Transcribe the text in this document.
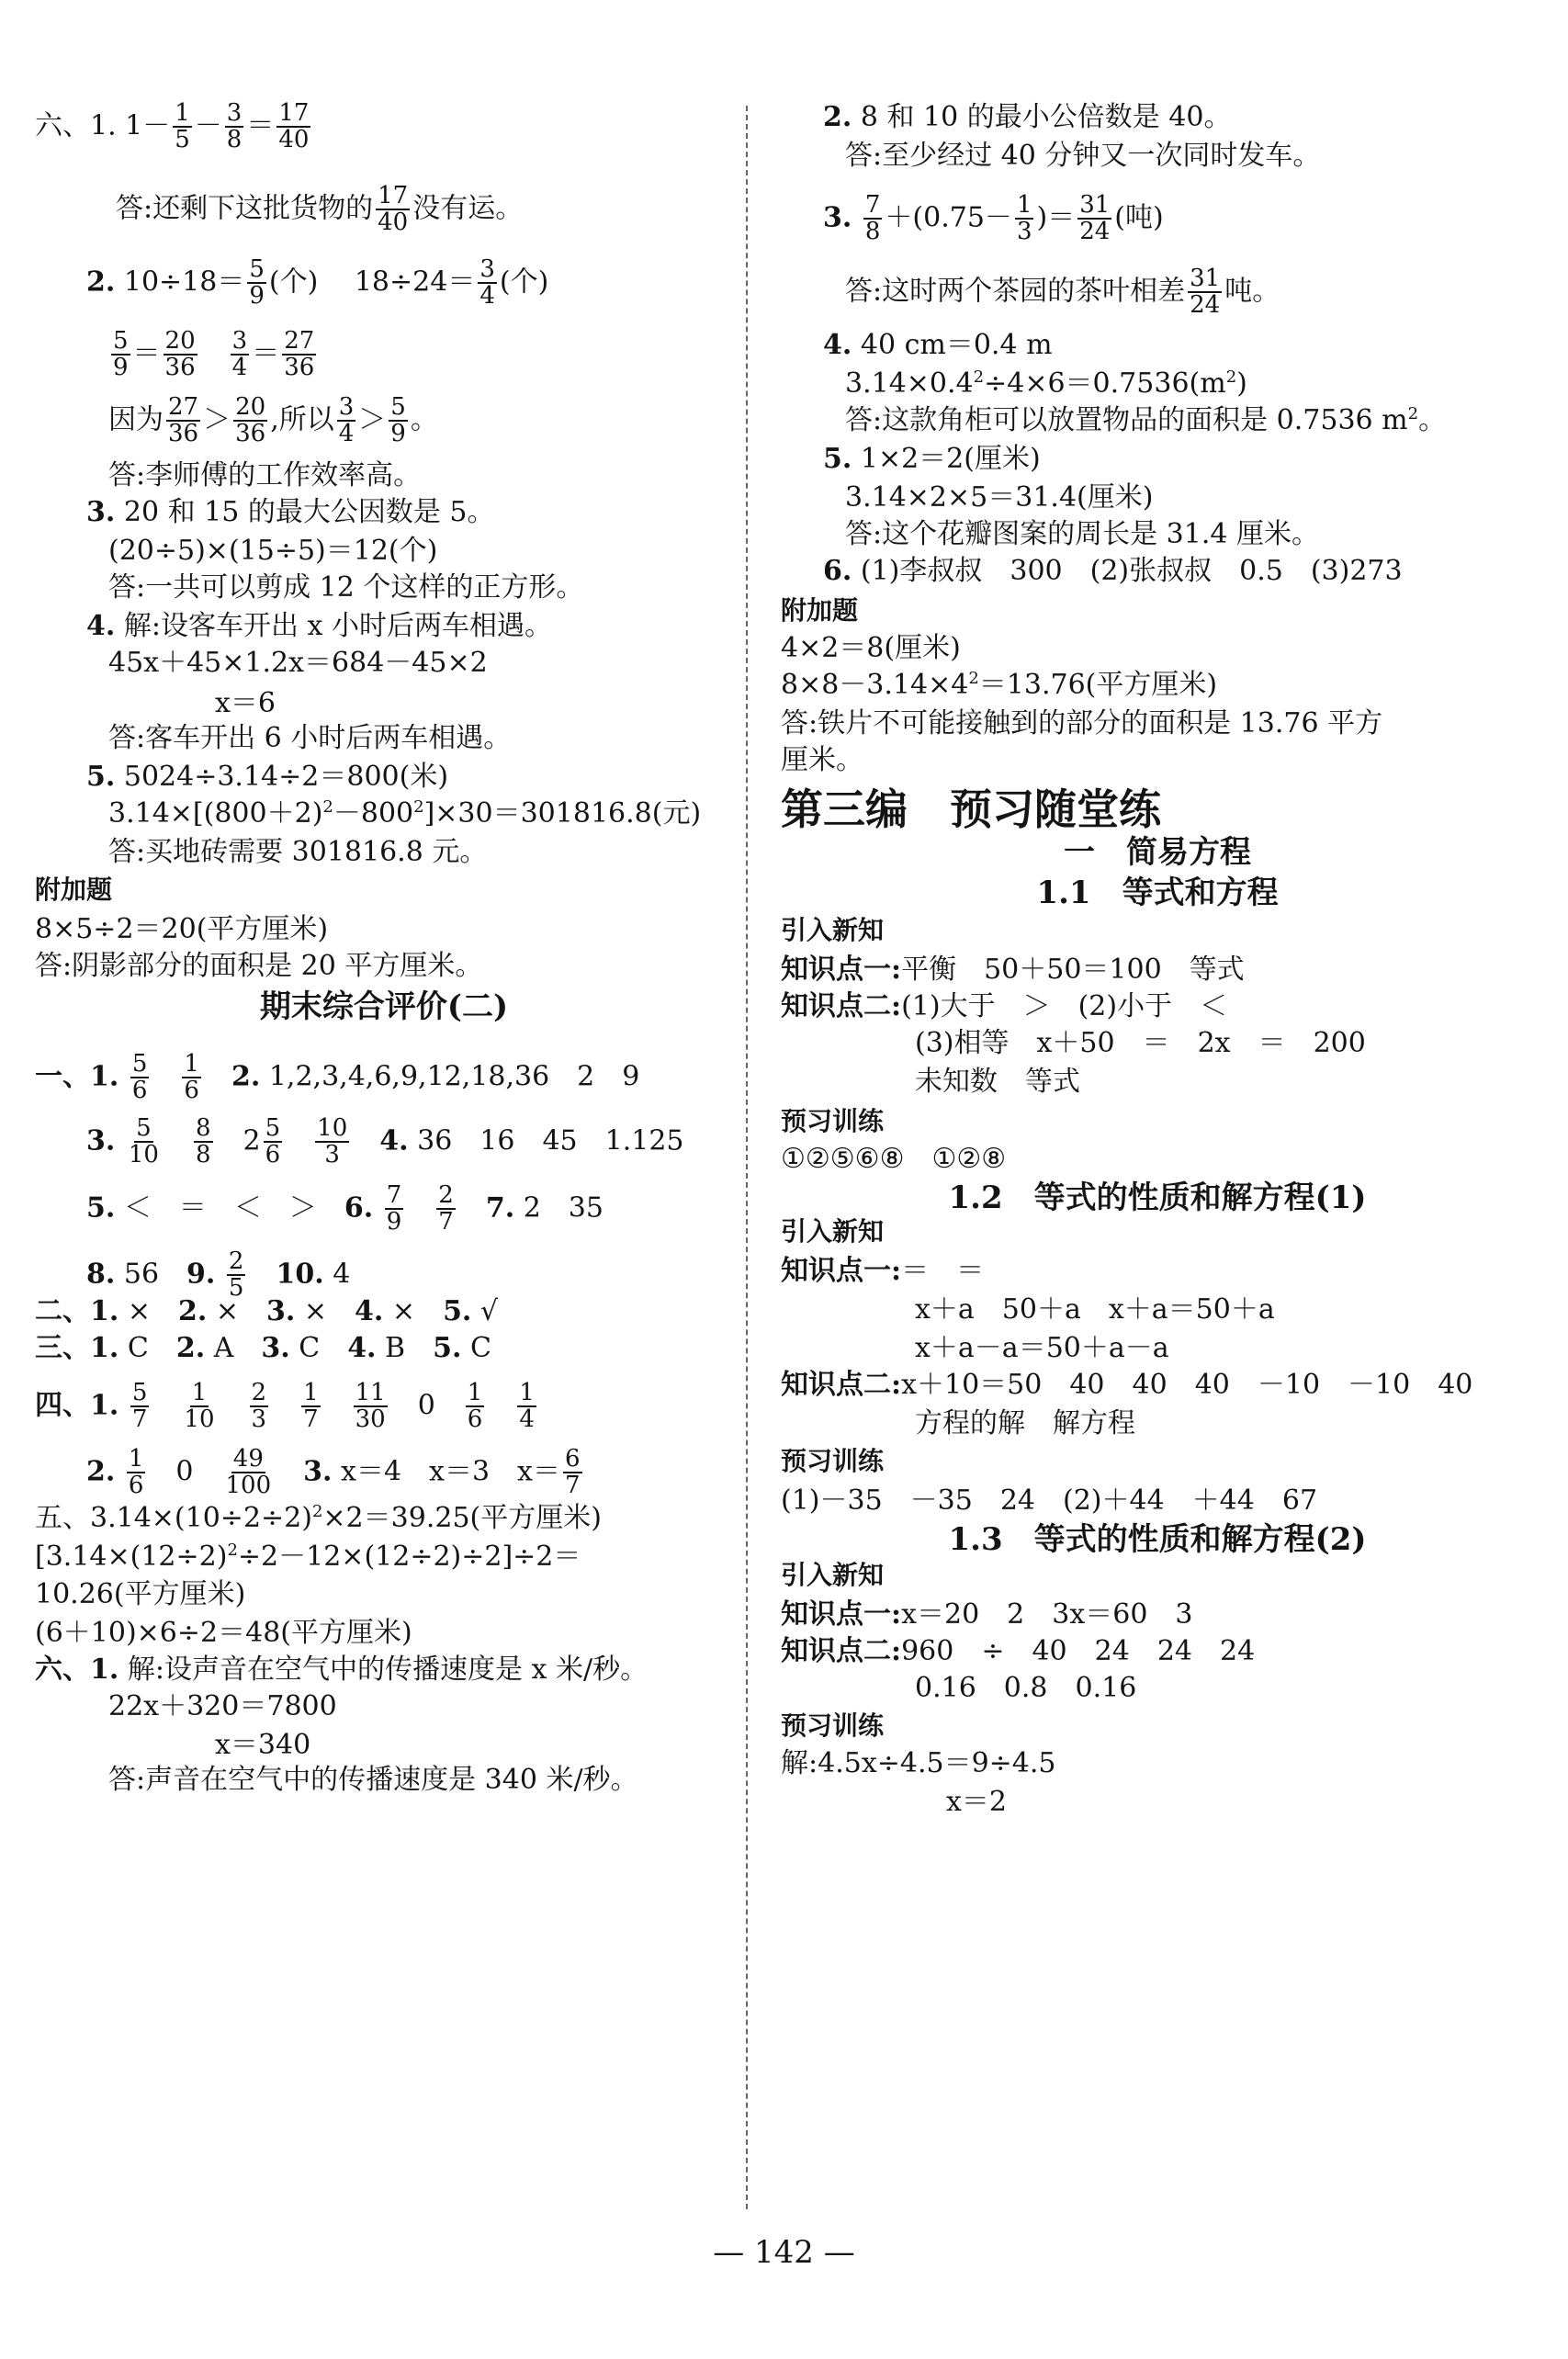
六、1. $1- \frac{1}{5} - \frac{3}{8} = \frac{17}{40}$
答:还剩下这批货物的 $\frac{17}{40}$ 没有运。
2. $10\div 18= \frac{5}{9}$ (个)　 $18\div 24= \frac{3}{4}$ (个)
$\frac{5}{9} = \frac{20}{36}$
　 $\frac{3}{4} = \frac{27}{36}$
因为 $\frac{27}{36} > \frac{20}{36}$ ,所以 $\frac{3}{4} > \frac{5}{9}$ 。
答:李师傅的工作效率高。
3. 20 和 15 的最大公因数是 5。
(20÷5)×(15÷5)＝12(个)
答:一共可以剪成 12 个这样的正方形。
4. 解:设客车开出 x 小时后两车相遇。
45x＋45×1.2x＝684－45×2
x＝6
答:客车开出 6 小时后两车相遇。
5. 5024÷3.14÷2＝800(米)
$3.14\times[(800+2)^2-800^2]\times 30=301816.8$(元)
答:买地砖需要 301816.8 元。
附加题
8×5÷2＝20(平方厘米)
答:阴影部分的面积是 20 平方厘米。
期末综合评价(二)
一、1. $\frac{5}{6}$
　 $\frac{1}{6}$
　 2. 1,2,3,4,6,9,12,18,36　2　9
3. $\frac{5}{10}$
　 $\frac{8}{8}$ 　$2 \frac{5}{6}$
　 $\frac{10}{3}$
　 4. 36　16　45　1.125
5. ＜　＝　＜　＞　6. $\frac{7}{9}$
　 $\frac{2}{7}$
　 7. 2　35
8. 56　9. $\frac{2}{5}$
　 10. 4
二、1. ×　2. ×　3. ×　4. ×　5. √
三、1. C　2. A　3. C　4. B　5. C
四、1. $\frac{5}{7}$
　 $\frac{1}{10}$
　 $\frac{2}{3}$
　 $\frac{1}{7}$
　 $\frac{11}{30}$ 　0　 $\frac{1}{6}$
　 $\frac{1}{4}$
2. $\frac{1}{6}$ 　0　 $\frac{49}{100}$
　 3. x＝4　x＝3　$x= \frac{6}{7}$
五、$3.14\times(10\div 2\div 2)^2\times 2=39.25$(平方厘米)
$[3.14\times(12\div 2)^2\div 2-12\times(12\div 2)\div 2]\div 2=$
10.26(平方厘米)
(6＋10)×6÷2＝48(平方厘米)
六、1. 解:设声音在空气中的传播速度是 x 米/秒。
22x＋320＝7800
x＝340
答:声音在空气中的传播速度是 340 米/秒。
2. 8 和 10 的最小公倍数是 40。
答:至少经过 40 分钟又一次同时发车。
3. $\frac{7}{8} +(0.75- \frac{1}{3}$ )＝ $\frac{31}{24}$ (吨)
答:这时两个茶园的茶叶相差 $\frac{31}{24}$ 吨。
4. 40 cm＝0.4 m
$3.14\times 0.4^2\div 4\times 6=0.7536(m^2)$
答:这款角柜可以放置物品的面积是 0.7536 $m^2$。
5. 1×2＝2(厘米)
3.14×2×5＝31.4(厘米)
答:这个花瓣图案的周长是 31.4 厘米。
6. (1)李叔叔　300　(2)张叔叔　0.5　(3)273
附加题
4×2＝8(厘米)
$8\times 8-3.14\times 4^2=13.76$(平方厘米)
答:铁片不可能接触到的部分的面积是 13.76 平方
厘米。
第三编　预习随堂练
一　简易方程
1.1　等式和方程
引入新知
知识点一:平衡　50＋50＝100　等式
知识点二:(1)大于　＞　(2)小于　＜
(3)相等　x＋50　＝　2x　＝　200
未知数　等式
预习训练
①②⑤⑥⑧　①②⑧
1.2　等式的性质和解方程(1)
引入新知
知识点一:＝　＝
x＋a　50＋a　x＋a＝50＋a
x＋a－a＝50＋a－a
知识点二:x＋10＝50　40　40　40　－10　－10　40
方程的解　解方程
预习训练
(1)－35　－35　24　(2)＋44　＋44　67
1.3　等式的性质和解方程(2)
引入新知
知识点一:x＝20　2　3x＝60　3
知识点二:960　÷　40　24　24　24
0.16　0.8　0.16
预习训练
解:4.5x÷4.5＝9÷4.5
x＝2
— 142 —
